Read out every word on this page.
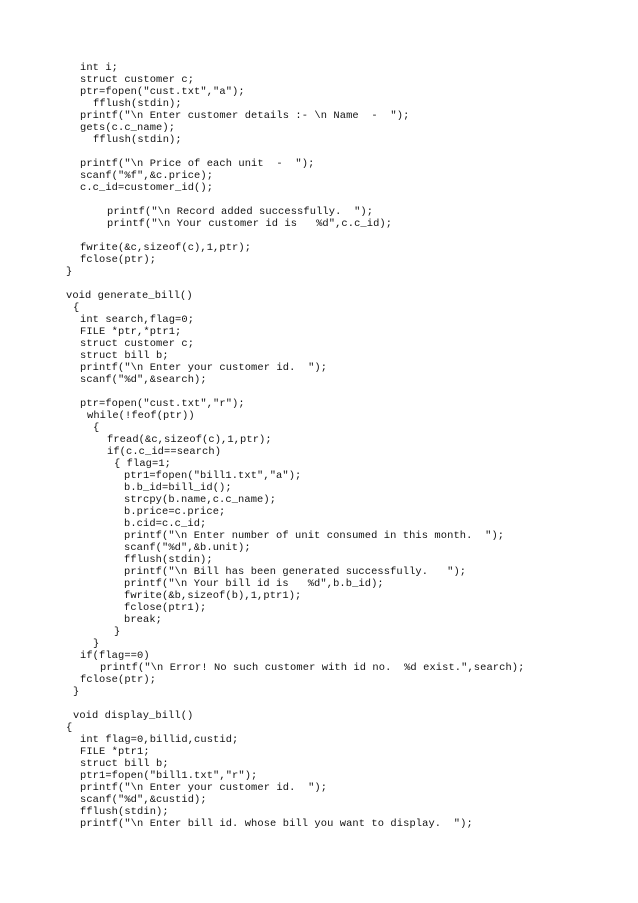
int i;
struct customer c;
ptr=fopen("cust.txt","a");
fflush(stdin);
printf("\n Enter customer details :- \n Name  -  ");
gets(c.c_name);
fflush(stdin);
printf("\n Price of each unit  -  ");
scanf("%f",&c.price);
c.c_id=customer_id();
printf("\n Record added successfully.  ");
printf("\n Your customer id is   %d",c.c_id);
fwrite(&c,sizeof(c),1,ptr);
fclose(ptr);
}
void generate_bill()
{
int search,flag=0;
FILE *ptr,*ptr1;
struct customer c;
struct bill b;
printf("\n Enter your customer id.  ");
scanf("%d",&search);
ptr=fopen("cust.txt","r");
while(!feof(ptr))
{
fread(&c,sizeof(c),1,ptr);
if(c.c_id==search)
{ flag=1;
ptr1=fopen("bill1.txt","a");
b.b_id=bill_id();
strcpy(b.name,c.c_name);
b.price=c.price;
b.cid=c.c_id;
printf("\n Enter number of unit consumed in this month.  ");
scanf("%d",&b.unit);
fflush(stdin);
printf("\n Bill has been generated successfully.   ");
printf("\n Your bill id is   %d",b.b_id);
fwrite(&b,sizeof(b),1,ptr1);
fclose(ptr1);
break;
}
}
if(flag==0)
printf("\n Error! No such customer with id no.  %d exist.",search);
fclose(ptr);
}
void display_bill()
{
int flag=0,billid,custid;
FILE *ptr1;
struct bill b;
ptr1=fopen("bill1.txt","r");
printf("\n Enter your customer id.  ");
scanf("%d",&custid);
fflush(stdin);
printf("\n Enter bill id. whose bill you want to display.  ");
